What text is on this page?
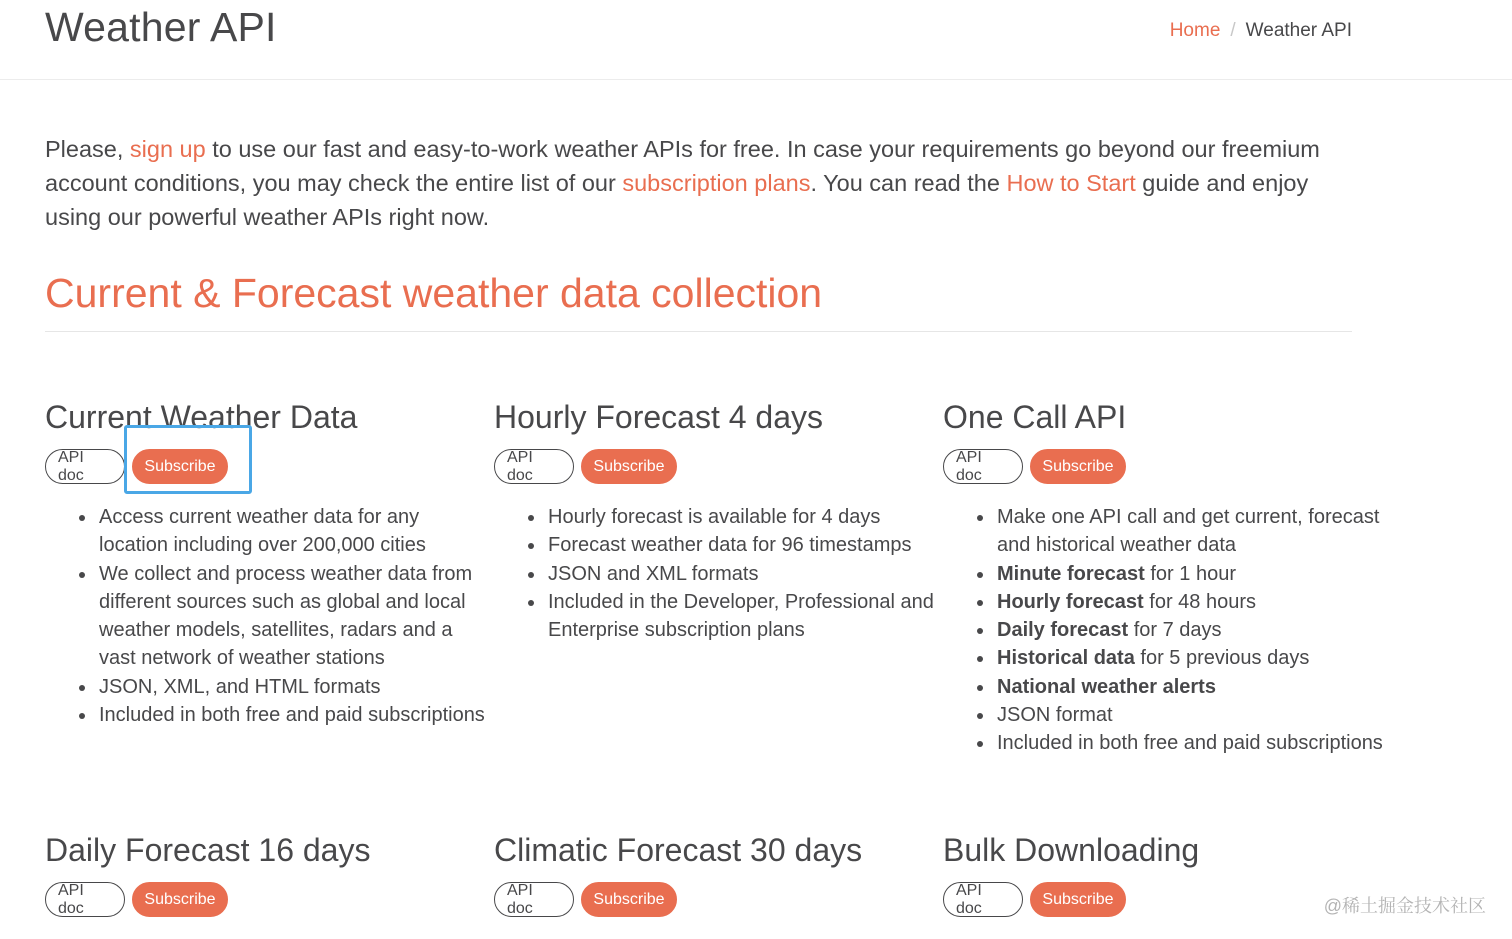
Weather API	Home / Weather API

Please, sign up to use our fast and easy-to-work weather APIs for free. In case your requirements go beyond our freemium account conditions, you may check the entire list of our subscription plans. You can read the How to Start guide and enjoy using our powerful weather APIs right now.

Current & Forecast weather data collection
Current Weather Data
API doc
Subscribe
Access current weather data for any location including over 200,000 cities
We collect and process weather data from different sources such as global and local weather models, satellites, radars and a vast network of weather stations
JSON, XML, and HTML formats
Included in both free and paid subscriptions
Hourly Forecast 4 days
API doc
Subscribe
Hourly forecast is available for 4 days
Forecast weather data for 96 timestamps
JSON and XML formats
Included in the Developer, Professional and Enterprise subscription plans
One Call API
API doc
Subscribe
Make one API call and get current, forecast and historical weather data
Minute forecast for 1 hour
Hourly forecast for 48 hours
Daily forecast for 7 days
Historical data for 5 previous days
National weather alerts
JSON format
Included in both free and paid subscriptions
Daily Forecast 16 days
API doc
Subscribe
Climatic Forecast 30 days
API doc
Subscribe
Bulk Downloading
API doc
Subscribe	@稀土掘金技术社区
